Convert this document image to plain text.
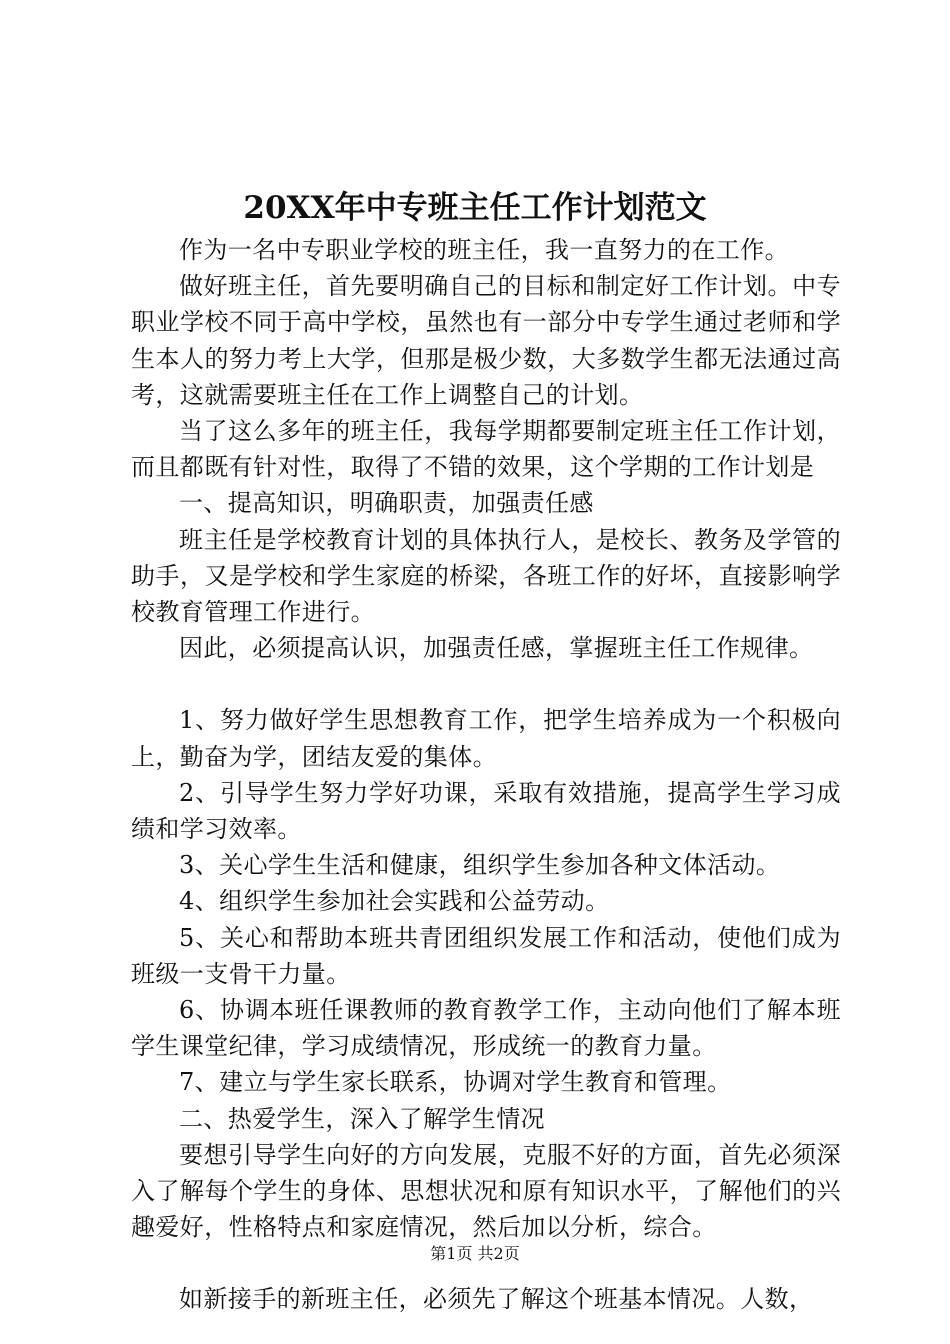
20XX年中专班主任工作计划范文

作为一名中专职业学校的班主任，我一直努力的在工作。

做好班主任，首先要明确自己的目标和制定好工作计划。中专职业学校不同于高中学校，虽然也有一部分中专学生通过老师和学生本人的努力考上大学，但那是极少数，大多数学生都无法通过高考，这就需要班主任在工作上调整自己的计划。

当了这么多年的班主任，我每学期都要制定班主任工作计划，而且都既有针对性，取得了不错的效果，这个学期的工作计划是

一、提高知识，明确职责，加强责任感

班主任是学校教育计划的具体执行人，是校长、教务及学管的助手，又是学校和学生家庭的桥梁，各班工作的好坏，直接影响学校教育管理工作进行。

因此，必须提高认识，加强责任感，掌握班主任工作规律。

1、努力做好学生思想教育工作，把学生培养成为一个积极向上，勤奋为学，团结友爱的集体。

2、引导学生努力学好功课，采取有效措施，提高学生学习成绩和学习效率。

3、关心学生生活和健康，组织学生参加各种文体活动。

4、组织学生参加社会实践和公益劳动。

5、关心和帮助本班共青团组织发展工作和活动，使他们成为班级一支骨干力量。

6、协调本班任课教师的教育教学工作，主动向他们了解本班学生课堂纪律，学习成绩情况，形成统一的教育力量。

7、建立与学生家长联系，协调对学生教育和管理。

二、热爱学生，深入了解学生情况

要想引导学生向好的方向发展，克服不好的方面，首先必须深入了解每个学生的身体、思想状况和原有知识水平，了解他们的兴趣爱好，性格特点和家庭情况，然后加以分析，综合。

如新接手的新班主任，必须先了解这个班基本情况。人数，

第1页 共2页
